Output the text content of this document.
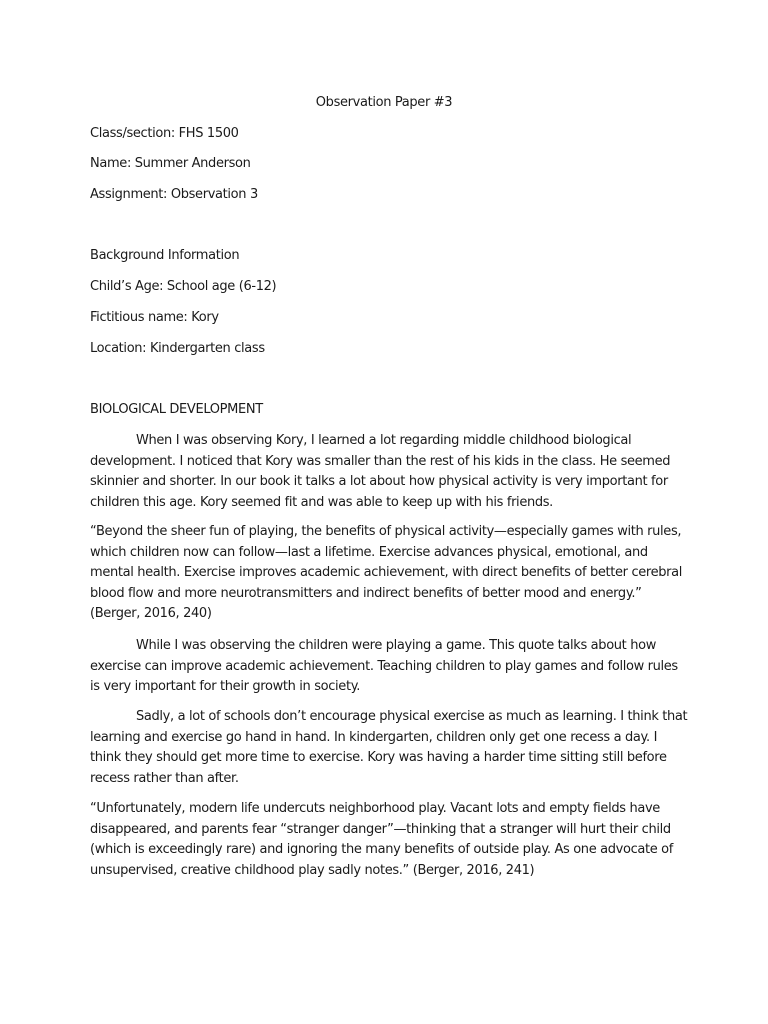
Observation Paper #3

Class/section: FHS 1500

Name: Summer Anderson

Assignment: Observation 3

Background Information

Child’s Age: School age (6-12)

Fictitious name: Kory

Location: Kindergarten class

BIOLOGICAL DEVELOPMENT

When I was observing Kory, I learned a lot regarding middle childhood biological
development. I noticed that Kory was smaller than the rest of his kids in the class. He seemed
skinnier and shorter. In our book it talks a lot about how physical activity is very important for
children this age. Kory seemed fit and was able to keep up with his friends.
“Beyond the sheer fun of playing, the benefits of physical activity—especially games with rules,
which children now can follow—last a lifetime. Exercise advances physical, emotional, and
mental health. Exercise improves academic achievement, with direct benefits of better cerebral
blood flow and more neurotransmitters and indirect benefits of better mood and energy.”
(Berger, 2016, 240)
While I was observing the children were playing a game. This quote talks about how
exercise can improve academic achievement. Teaching children to play games and follow rules
is very important for their growth in society.
Sadly, a lot of schools don’t encourage physical exercise as much as learning. I think that
learning and exercise go hand in hand. In kindergarten, children only get one recess a day. I
think they should get more time to exercise. Kory was having a harder time sitting still before
recess rather than after.
“Unfortunately, modern life undercuts neighborhood play. Vacant lots and empty fields have
disappeared, and parents fear “stranger danger”—thinking that a stranger will hurt their child
(which is exceedingly rare) and ignoring the many benefits of outside play. As one advocate of
unsupervised, creative childhood play sadly notes.” (Berger, 2016, 241)
